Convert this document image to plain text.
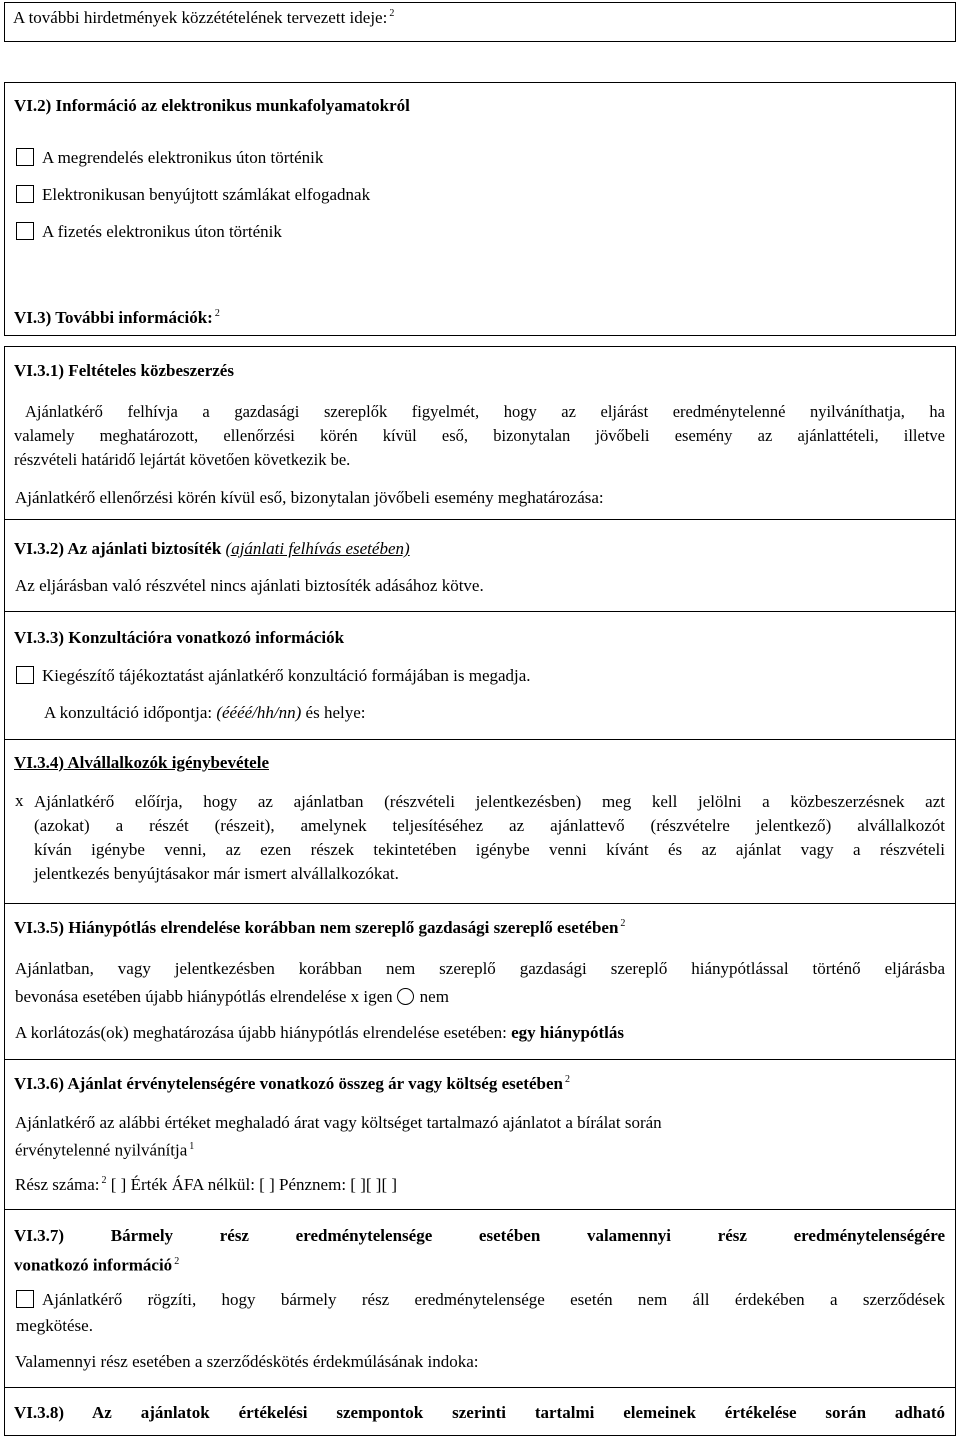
A további hirdetmények közzétételének tervezett ideje: $^2$
VI.2) Információ az elektronikus munkafolyamatokról
A megrendelés elektronikus úton történik
Elektronikusan benyújtott számlákat elfogadnak
A fizetés elektronikus úton történik
VI.3) További információk: $^2$
VI.3.1) Feltételes közbeszerzés
Ajánlatkérő felhívja a gazdasági szereplők figyelmét, hogy az eljárást eredménytelenné nyilváníthatja, ha
valamely meghatározott, ellenőrzési körén kívül eső, bizonytalan jövőbeli esemény az ajánlattételi, illetve
részvételi határidő lejártát követően következik be.
Ajánlatkérő ellenőrzési körén kívül eső, bizonytalan jövőbeli esemény meghatározása:
VI.3.2) Az ajánlati biztosíték (ajánlati felhívás esetében)
Az eljárásban való részvétel nincs ajánlati biztosíték adásához kötve.
VI.3.3) Konzultációra vonatkozó információk
Kiegészítő tájékoztatást ajánlatkérő konzultáció formájában is megadja.
A konzultáció időpontja: (éééé/hh/nn) és helye:
VI.3.4) Alvállalkozók igénybevétele
x Ajánlatkérő előírja, hogy az ajánlatban (részvételi jelentkezésben) meg kell jelölni a közbeszerzésnek azt
(azokat) a részét (részeit), amelynek teljesítéséhez az ajánlattevő (részvételre jelentkező) alvállalkozót
kíván igénybe venni, az ezen részek tekintetében igénybe venni kívánt és az ajánlat vagy a részvételi
jelentkezés benyújtásakor már ismert alvállalkozókat.
VI.3.5) Hiánypótlás elrendelése korábban nem szereplő gazdasági szereplő esetében $^2$
Ajánlatban, vagy jelentkezésben korábban nem szereplő gazdasági szereplő hiánypótlással történő eljárásba
bevonása esetében újabb hiánypótlás elrendelése x igen nem
A korlátozás(ok) meghatározása újabb hiánypótlás elrendelése esetében: egy hiánypótlás
VI.3.6) Ajánlat érvénytelenségére vonatkozó összeg ár vagy költség esetében $^2$
Ajánlatkérő az alábbi értéket meghaladó árat vagy költséget tartalmazó ajánlatot a bírálat során
érvénytelenné nyilvánítja $^1$
Rész száma: $^2$ [ ] Érték ÁFA nélkül: [ ] Pénznem: [ ][ ][ ]
VI.3.7) Bármely rész eredménytelensége esetében valamennyi rész eredménytelenségére
vonatkozó információ $^2$
Ajánlatkérő rögzíti, hogy bármely rész eredménytelensége esetén nem áll érdekében a szerződések
megkötése.
Valamennyi rész esetében a szerződéskötés érdekmúlásának indoka:
VI.3.8) Az ajánlatok értékelési szempontok szerinti tartalmi elemeinek értékelése során adható
